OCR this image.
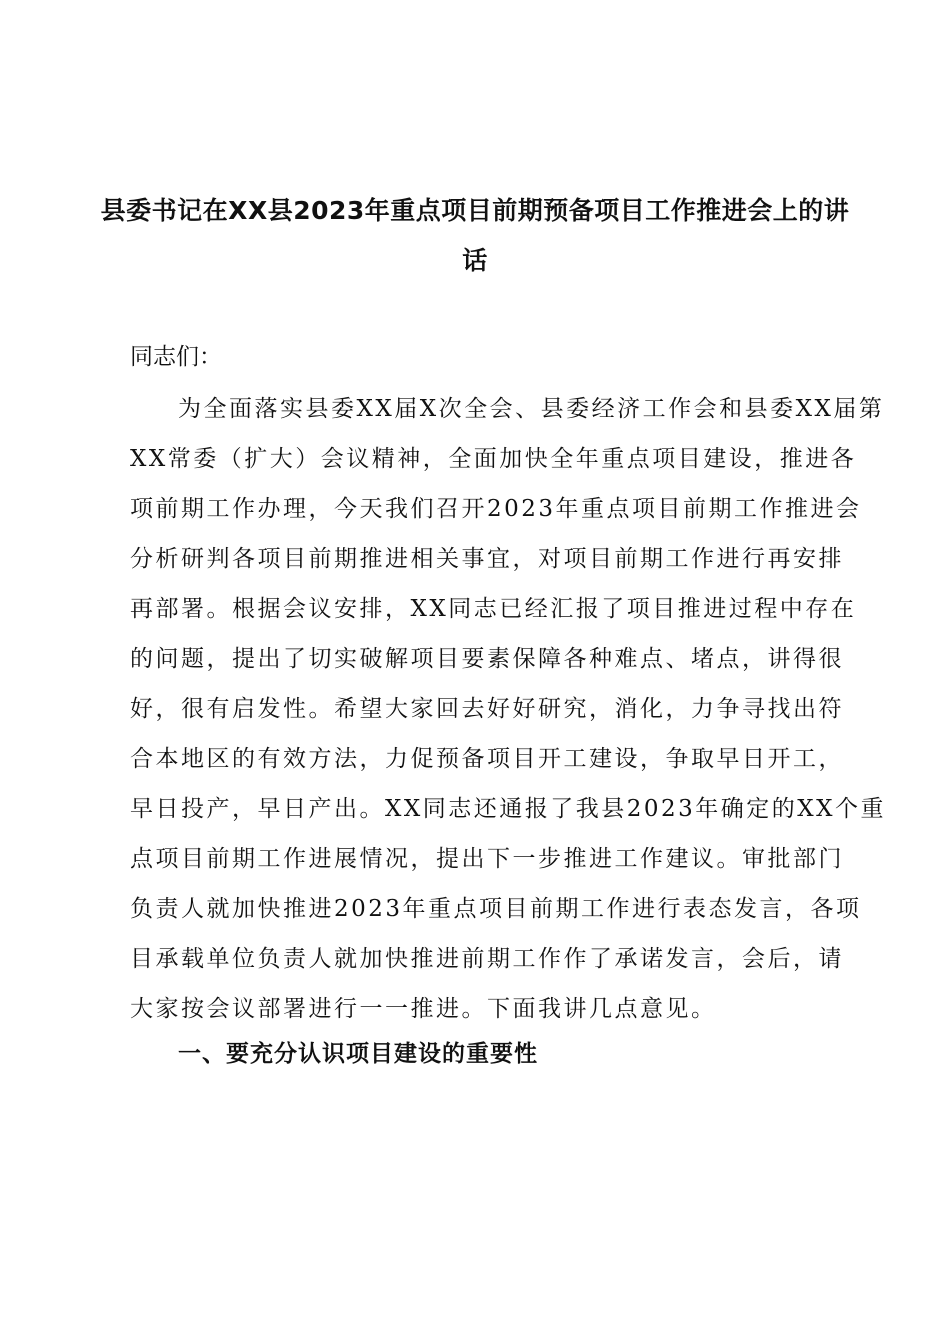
县委书记在XX县2023年重点项目前期预备项目工作推进会上的讲话

同志们：

为全面落实县委XX届X次全会、县委经济工作会和县委XX届第
XX常委（扩大）会议精神，全面加快全年重点项目建设，推进各
项前期工作办理，今天我们召开2023年重点项目前期工作推进会
分析研判各项目前期推进相关事宜，对项目前期工作进行再安排
再部署。根据会议安排，XX同志已经汇报了项目推进过程中存在
的问题，提出了切实破解项目要素保障各种难点、堵点，讲得很
好，很有启发性。希望大家回去好好研究，消化，力争寻找出符
合本地区的有效方法，力促预备项目开工建设，争取早日开工，
早日投产，早日产出。XX同志还通报了我县2023年确定的XX个重
点项目前期工作进展情况，提出下一步推进工作建议。审批部门
负责人就加快推进2023年重点项目前期工作进行表态发言，各项
目承载单位负责人就加快推进前期工作作了承诺发言，会后，请
大家按会议部署进行一一推进。下面我讲几点意见。

一、要充分认识项目建设的重要性
